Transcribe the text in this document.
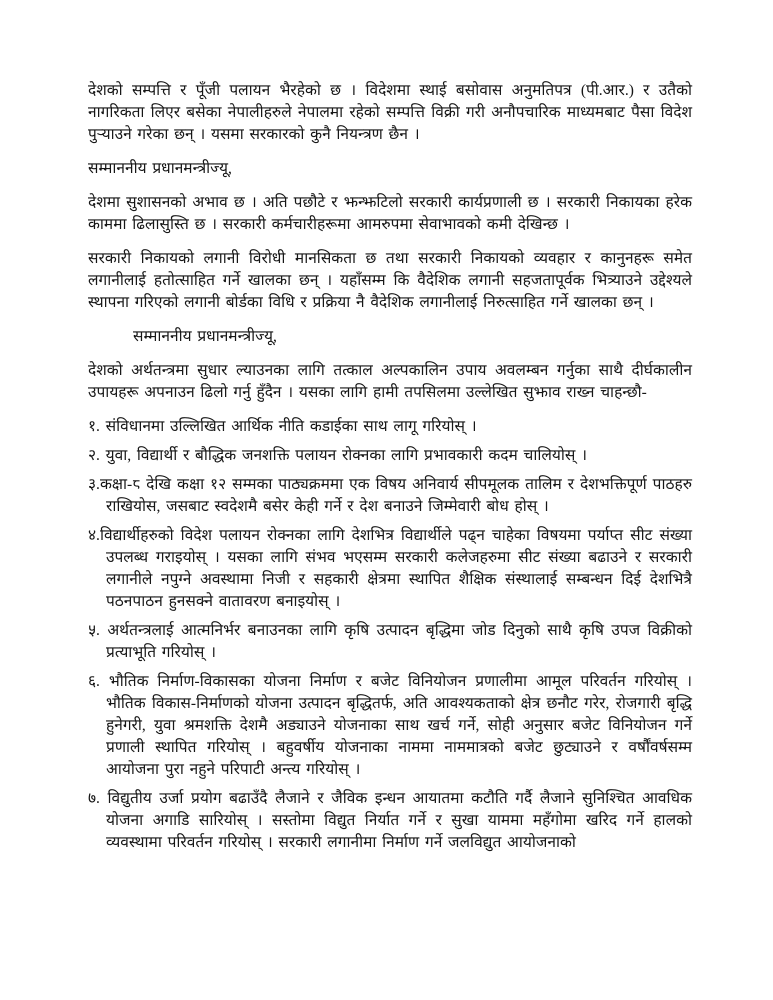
देशको सम्पत्ति र पूँजी पलायन भैरहेको छ । विदेशमा स्थाई बसोवास अनुमतिपत्र (पी.आर.) र उतैको नागरिकता लिएर बसेका नेपालीहरुले नेपालमा रहेको सम्पत्ति विक्री गरी अनौपचारिक माध्यमबाट पैसा विदेश पुऱ्याउने गरेका छन् । यसमा सरकारको कुनै नियन्त्रण छैन ।

सम्माननीय प्रधानमन्त्रीज्यू,

देशमा सुशासनको अभाव छ । अति पछौटे र झन्झटिलो सरकारी कार्यप्रणाली छ । सरकारी निकायका हरेक काममा ढिलासुस्ति छ । सरकारी कर्मचारीहरूमा आमरुपमा सेवाभावको कमी देखिन्छ ।

सरकारी निकायको लगानी विरोधी मानसिकता छ तथा सरकारी निकायको व्यवहार र कानुनहरू समेत लगानीलाई हतोत्साहित गर्ने खालका छन् । यहाँसम्म कि वैदेशिक लगानी सहजतापूर्वक भित्र्याउने उद्देश्यले स्थापना गरिएको लगानी बोर्डका विधि र प्रक्रिया नै वैदेशिक लगानीलाई निरुत्साहित गर्ने खालका छन् ।

सम्माननीय प्रधानमन्त्रीज्यू,

देशको अर्थतन्त्रमा सुधार ल्याउनका लागि तत्काल अल्पकालिन उपाय अवलम्बन गर्नुका साथै दीर्घकालीन उपायहरू अपनाउन ढिलो गर्नु हुँदैन । यसका लागि हामी तपसिलमा उल्लेखित सुझाव राख्न चाहन्छौ-

१. संविधानमा उल्लिखित आर्थिक नीति कडाईका साथ लागू गरियोस् ।
२. युवा, विद्यार्थी र बौद्धिक जनशक्ति पलायन रोक्नका लागि प्रभावकारी कदम चालियोस् ।
३.कक्षा-८ देखि कक्षा १२ सम्मका पाठ्यक्रममा एक विषय अनिवार्य सीपमूलक तालिम र देशभक्तिपूर्ण पाठहरु राखियोस, जसबाट स्वदेशमै बसेर केही गर्ने र देश बनाउने जिम्मेवारी बोध होस् ।
४.विद्यार्थीहरुको विदेश पलायन रोक्नका लागि देशभित्र विद्यार्थीले पढ्न चाहेका विषयमा पर्याप्त सीट संख्या उपलब्ध गराइयोस् । यसका लागि संभव भएसम्म सरकारी कलेजहरुमा सीट संख्या बढाउने र सरकारी लगानीले नपुग्ने अवस्थामा निजी र सहकारी क्षेत्रमा स्थापित शैक्षिक संस्थालाई सम्बन्धन दिई देशभित्रै पठनपाठन हुनसक्ने वातावरण बनाइयोस् ।
५. अर्थतन्त्रलाई आत्मनिर्भर बनाउनका लागि कृषि उत्पादन बृद्धिमा जोड दिनुको साथै कृषि उपज विक्रीको प्रत्याभूति गरियोस् ।
६. भौतिक निर्माण-विकासका योजना निर्माण र बजेट विनियोजन प्रणालीमा आमूल परिवर्तन गरियोस् । भौतिक विकास-निर्माणको योजना उत्पादन बृद्धितर्फ, अति आवश्यकताको क्षेत्र छनौट गरेर, रोजगारी बृद्धि हुनेगरी, युवा श्रमशक्ति देशमै अड्याउने योजनाका साथ खर्च गर्ने, सोही अनुसार बजेट विनियोजन गर्ने प्रणाली स्थापित गरियोस् । बहुवर्षीय योजनाका नाममा नाममात्रको बजेट छुट्याउने र वर्षौंवर्षसम्म आयोजना पुरा नहुने परिपाटी अन्त्य गरियोस् ।
७. विद्युतीय उर्जा प्रयोग बढाउँदै लैजाने र जैविक इन्धन आयातमा कटौति गर्दै लैजाने सुनिश्चित आवधिक योजना अगाडि सारियोस् । सस्तोमा विद्युत निर्यात गर्ने र सुखा याममा महँगोमा खरिद गर्ने हालको व्यवस्थामा परिवर्तन गरियोस् । सरकारी लगानीमा निर्माण गर्ने जलविद्युत आयोजनाको
